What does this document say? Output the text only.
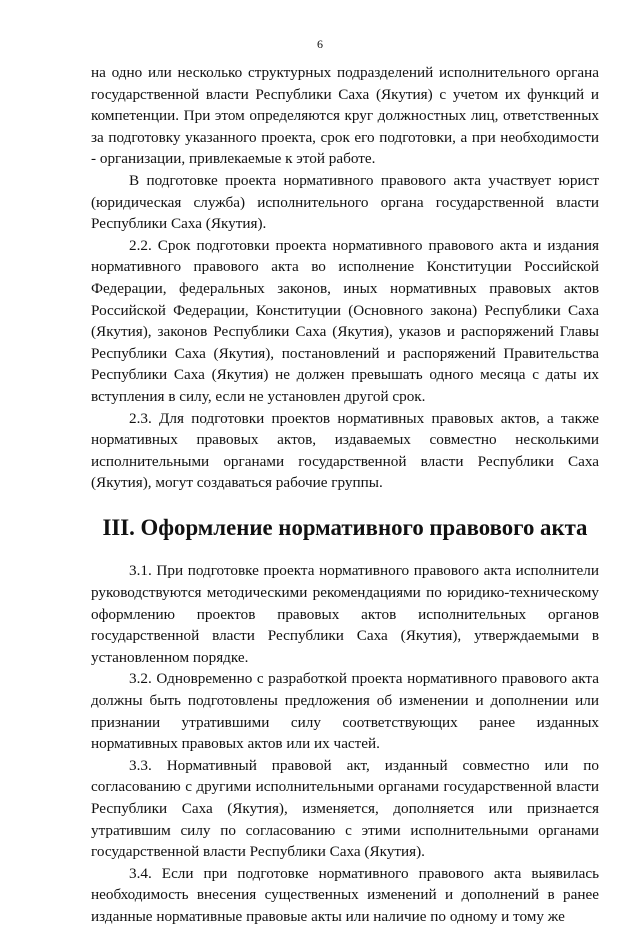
6

на одно или несколько структурных подразделений исполнительного органа государственной власти Республики Саха (Якутия) с учетом их функций и компетенции. При этом определяются круг должностных лиц, ответственных за подготовку указанного проекта, срок его подготовки, а при необходимости - организации, привлекаемые к этой работе.

В подготовке проекта нормативного правового акта участвует юрист (юридическая служба) исполнительного органа государственной власти Республики Саха (Якутия).

2.2. Срок подготовки проекта нормативного правового акта и издания нормативного правового акта во исполнение Конституции Российской Федерации, федеральных законов, иных нормативных правовых актов Российской Федерации, Конституции (Основного закона) Республики Саха (Якутия), законов Республики Саха (Якутия), указов и распоряжений Главы Республики Саха (Якутия), постановлений и распоряжений Правительства Республики Саха (Якутия) не должен превышать одного месяца с даты их вступления в силу, если не установлен другой срок.

2.3. Для подготовки проектов нормативных правовых актов, а также нормативных правовых актов, издаваемых совместно несколькими исполнительными органами государственной власти Республики Саха (Якутия), могут создаваться рабочие группы.

III. Оформление нормативного правового акта

3.1. При подготовке проекта нормативного правового акта исполнители руководствуются методическими рекомендациями по юридико-техническому оформлению проектов правовых актов исполнительных органов государственной власти Республики Саха (Якутия), утверждаемыми в установленном порядке.

3.2. Одновременно с разработкой проекта нормативного правового акта должны быть подготовлены предложения об изменении и дополнении или признании утратившими силу соответствующих ранее изданных нормативных правовых актов или их частей.

3.3. Нормативный правовой акт, изданный совместно или по согласованию с другими исполнительными органами государственной власти Республики Саха (Якутия), изменяется, дополняется или признается утратившим силу по согласованию с этими исполнительными органами государственной власти Республики Саха (Якутия).

3.4. Если при подготовке нормативного правового акта выявилась необходимость внесения существенных изменений и дополнений в ранее изданные нормативные правовые акты или наличие по одному и тому же
